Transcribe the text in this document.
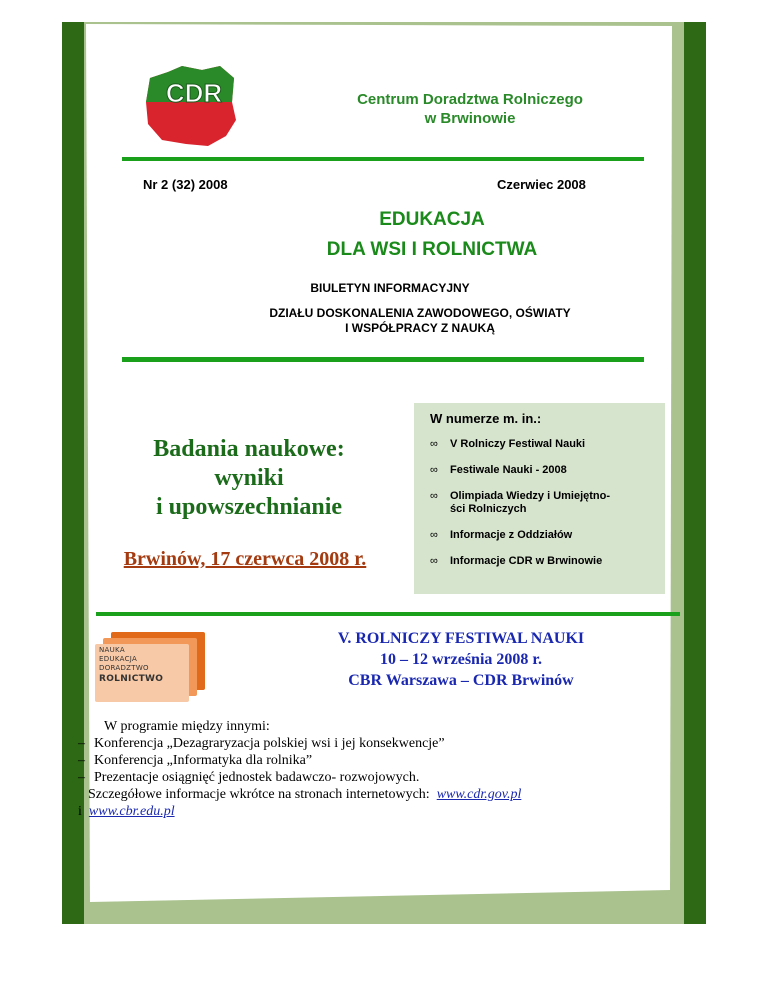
CDR	Centrum Doradztwa Rolniczego
w Brwinowie
Nr 2 (32) 2008	Czerwiec 2008
EDUKACJA
DLA WSI I ROLNICTWA
BIULETYN INFORMACYJNY
DZIAŁU DOSKONALENIA ZAWODOWEGO, OŚWIATY
I WSPÓŁPRACY Z NAUKĄ
Badania naukowe:
wyniki
i upowszechnianie
Brwinów, 17 czerwca 2008 r.
W numerze m. in.:
∞	V Rolniczy Festiwal Nauki
∞	Festiwale Nauki - 2008
∞	Olimpiada Wiedzy i Umiejętno-
ści Rolniczych
∞	Informacje z Oddziałów
∞	Informacje CDR w Brwinowie
NAUKA
EDUKACJA
DORADZTWO
ROLNICTWO
V. ROLNICZY FESTIWAL NAUKI
10 – 12 września 2008 r.
CBR Warszawa – CDR Brwinów
W programie między innymi:
– Konferencja „Dezagraryzacja polskiej wsi i jej konsekwencje”
– Konferencja „Informatyka dla rolnika”
– Prezentacje osiągnięć jednostek badawczo- rozwojowych.
Szczegółowe informacje wkrótce na stronach internetowych: www.cdr.gov.pl
i www.cbr.edu.pl
